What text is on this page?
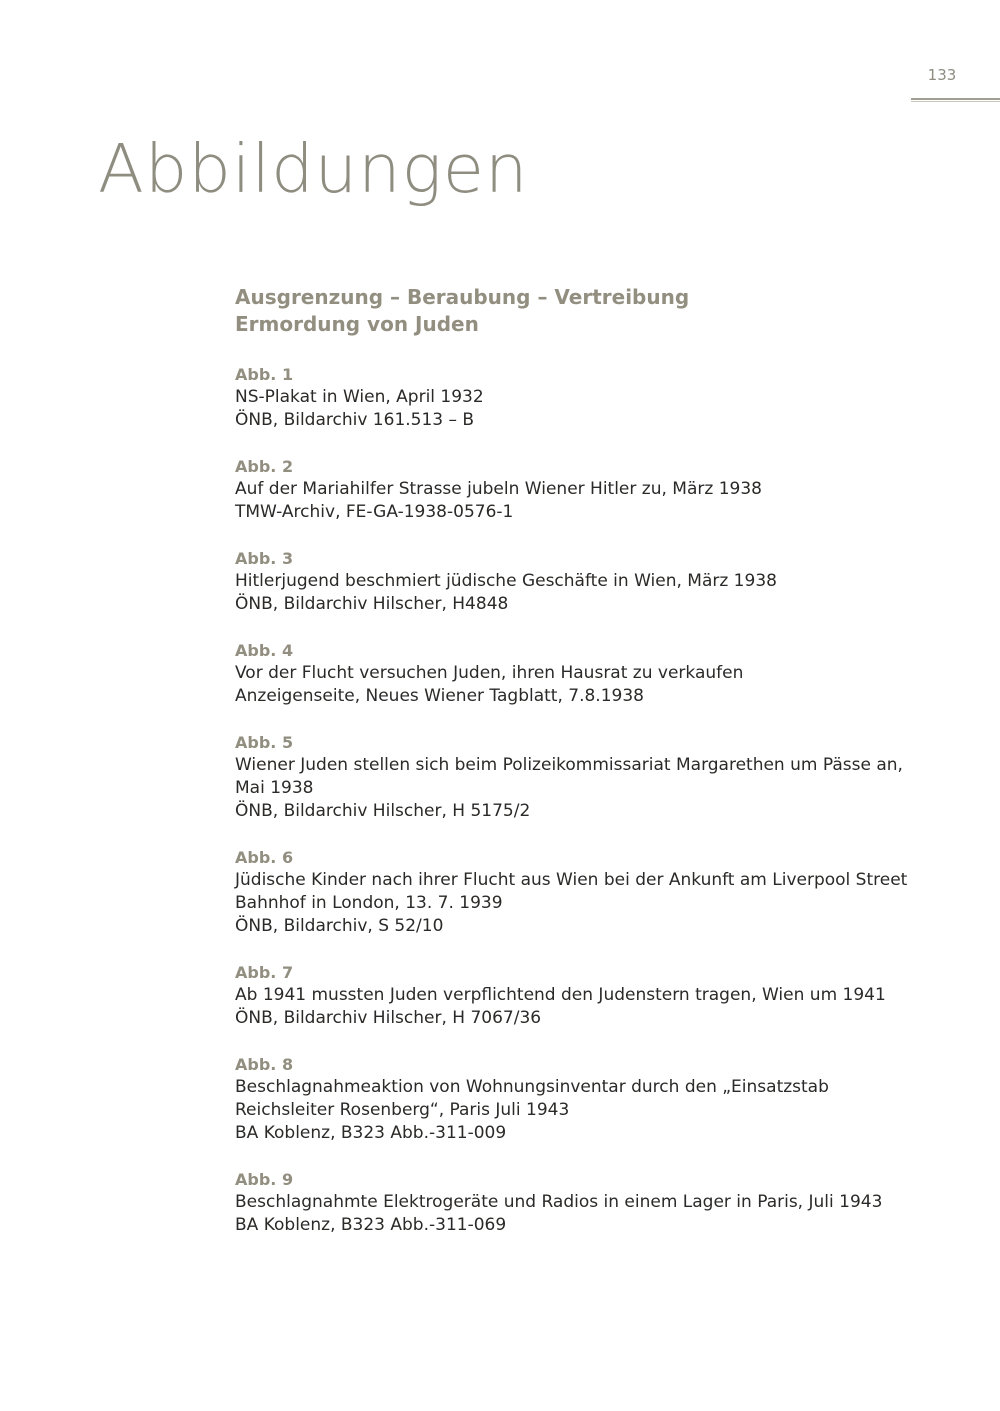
133
Abbildungen
Ausgrenzung – Beraubung – Vertreibung
Ermordung von Juden
Abb. 1
NS-Plakat in Wien, April 1932
ÖNB, Bildarchiv 161.513 – B
Abb. 2
Auf der Mariahilfer Strasse jubeln Wiener Hitler zu, März 1938
TMW-Archiv, FE-GA-1938-0576-1
Abb. 3
Hitlerjugend beschmiert jüdische Geschäfte in Wien, März 1938
ÖNB, Bildarchiv Hilscher, H4848
Abb. 4
Vor der Flucht versuchen Juden, ihren Hausrat zu verkaufen
Anzeigenseite, Neues Wiener Tagblatt, 7.8.1938
Abb. 5
Wiener Juden stellen sich beim Polizeikommissariat Margarethen um Pässe an,
Mai 1938
ÖNB, Bildarchiv Hilscher, H 5175/2
Abb. 6
Jüdische Kinder nach ihrer Flucht aus Wien bei der Ankunft am Liverpool Street
Bahnhof in London, 13. 7. 1939
ÖNB, Bildarchiv, S 52/10
Abb. 7
Ab 1941 mussten Juden verpflichtend den Judenstern tragen, Wien um 1941
ÖNB, Bildarchiv Hilscher, H 7067/36
Abb. 8
Beschlagnahmeaktion von Wohnungsinventar durch den „Einsatzstab
Reichsleiter Rosenberg“, Paris Juli 1943
BA Koblenz, B323 Abb.-311-009
Abb. 9
Beschlagnahmte Elektrogeräte und Radios in einem Lager in Paris, Juli 1943
BA Koblenz, B323 Abb.-311-069
